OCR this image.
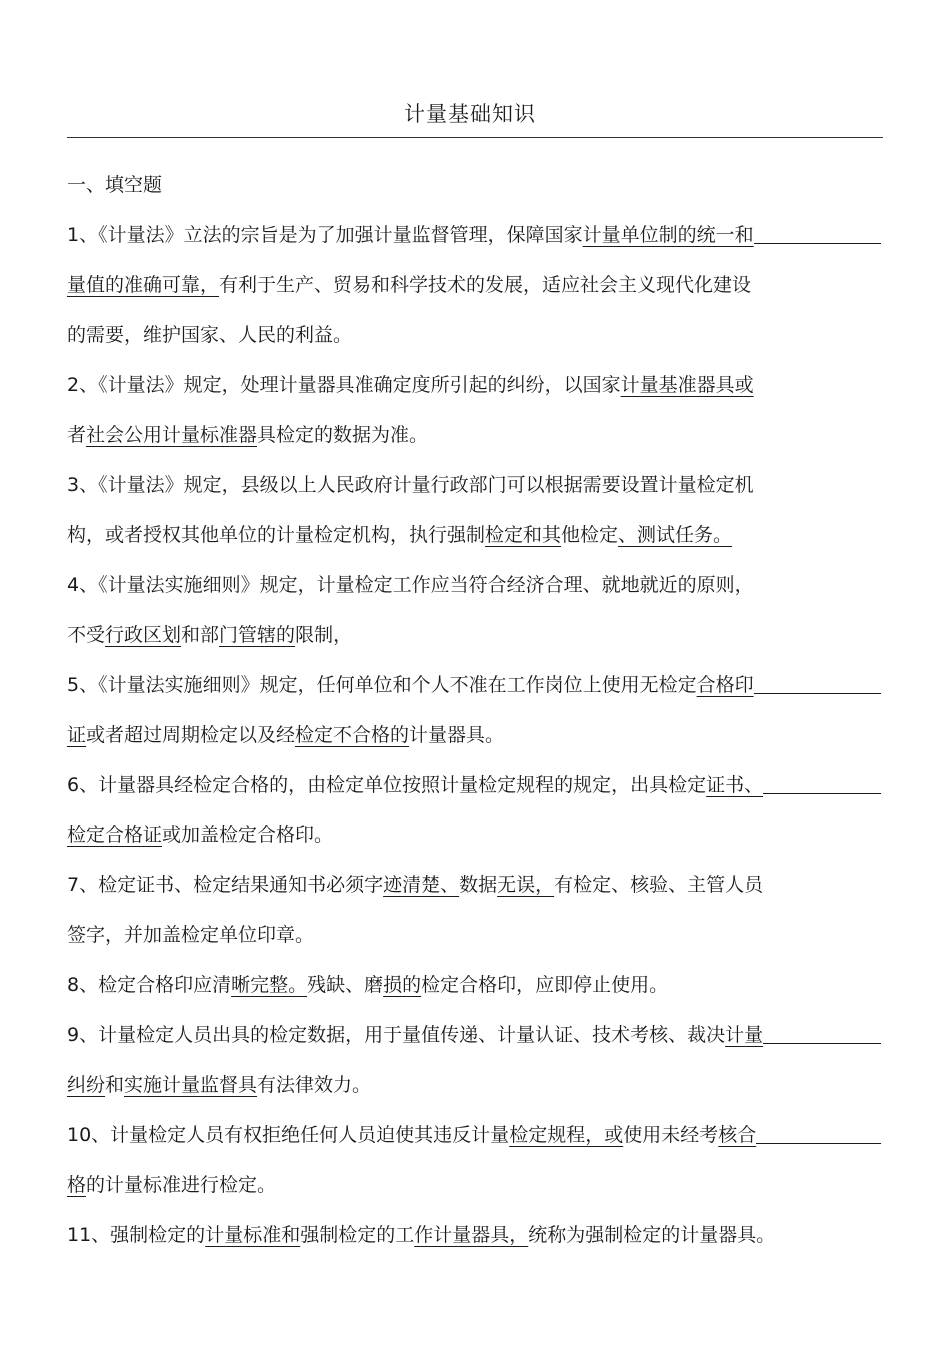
计量基础知识
一、填空题
1、《计量法》立法的宗旨是为了加强计量监督管理，保障国家计量单位制的统一和
量值的准确可靠，有利于生产、贸易和科学技术的发展，适应社会主义现代化建设
的需要，维护国家、人民的利益。
2、《计量法》规定，处理计量器具准确定度所引起的纠纷，以国家计量基准器具或
者社会公用计量标准器具检定的数据为准。
3、《计量法》规定，县级以上人民政府计量行政部门可以根据需要设置计量检定机
构，或者授权其他单位的计量检定机构，执行强制检定和其他检定、测试任务。
4、《计量法实施细则》规定，计量检定工作应当符合经济合理、就地就近的原则，
不受行政区划和部门管辖的限制，
5、《计量法实施细则》规定，任何单位和个人不准在工作岗位上使用无检定合格印
证或者超过周期检定以及经检定不合格的计量器具。
6、计量器具经检定合格的，由检定单位按照计量检定规程的规定，出具检定证书、
检定合格证或加盖检定合格印。
7、检定证书、检定结果通知书必须字迹清楚、数据无误，有检定、核验、主管人员
签字，并加盖检定单位印章。
8、检定合格印应清晰完整。残缺、磨损的检定合格印，应即停止使用。
9、计量检定人员出具的检定数据，用于量值传递、计量认证、技术考核、裁决计量
纠纷和实施计量监督具有法律效力。
10、计量检定人员有权拒绝任何人员迫使其违反计量检定规程，或使用未经考核合
格的计量标准进行检定。
11、强制检定的计量标准和强制检定的工作计量器具，统称为强制检定的计量器具。
